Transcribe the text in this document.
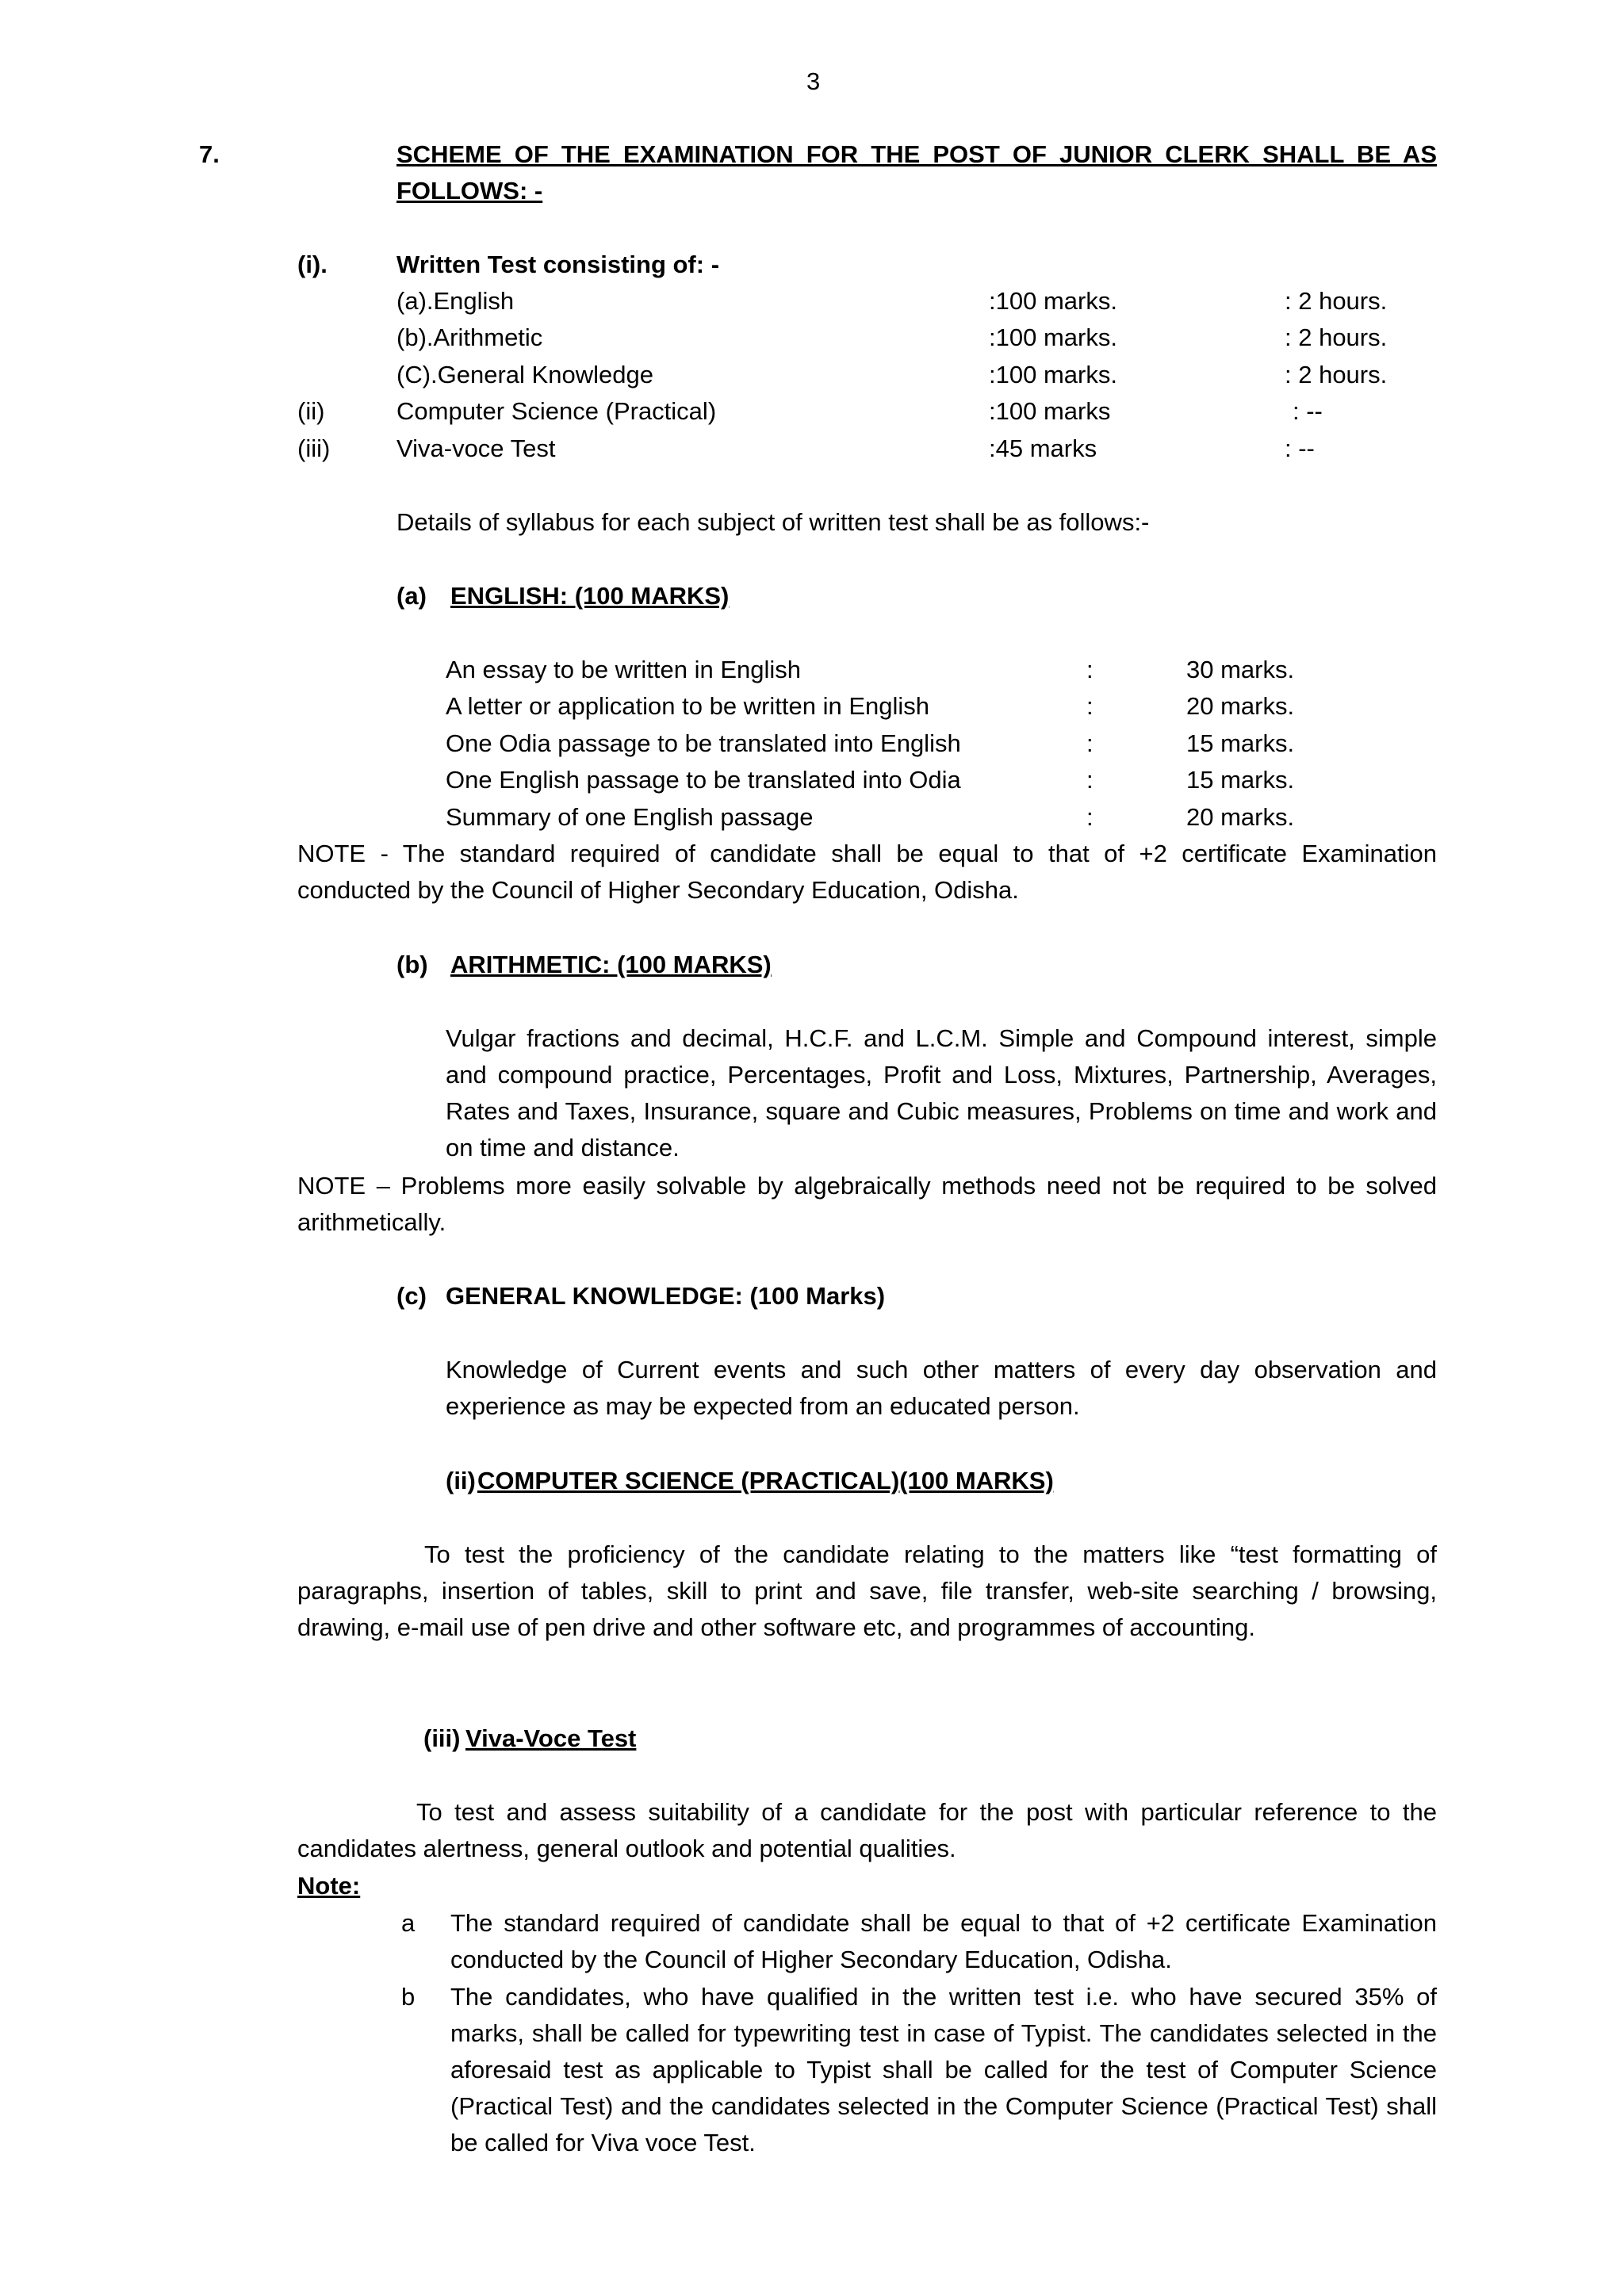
3
7.	SCHEME OF THE EXAMINATION FOR THE POST OF JUNIOR CLERK SHALL BE AS
FOLLOWS: -
(i).	Written Test consisting of: -
(a).English	:100 marks.	: 2 hours.
(b).Arithmetic	:100 marks.	: 2 hours.
(C).General Knowledge	:100 marks.	: 2 hours.
(ii)	Computer Science (Practical)	:100 marks	: --
(iii)	Viva-voce Test	:45 marks	: --
Details of syllabus for each subject of written test shall be as follows:-
(a) ENGLISH: (100 MARKS)
An essay to be written in English	:	30 marks.
A letter or application to be written in English	:	20 marks.
One Odia passage to be translated into English	:	15 marks.
One English passage to be translated into Odia	:	15 marks.
Summary of one English passage	:	20 marks.
NOTE - The standard required of candidate shall be equal to that of +2 certificate Examination conducted by the Council of Higher Secondary Education, Odisha.
(b) ARITHMETIC: (100 MARKS)
Vulgar fractions and decimal, H.C.F. and L.C.M. Simple and Compound interest, simple and compound practice, Percentages, Profit and Loss, Mixtures, Partnership, Averages, Rates and Taxes, Insurance, square and Cubic measures, Problems on time and work and on time and distance.
NOTE – Problems more easily solvable by algebraically methods need not be required to be solved arithmetically.
(c) GENERAL KNOWLEDGE: (100 Marks)
Knowledge of Current events and such other matters of every day observation and experience as may be expected from an educated person.
(ii) COMPUTER SCIENCE (PRACTICAL)(100 MARKS)
To test the proficiency of the candidate relating to the matters like “test formatting of paragraphs, insertion of tables, skill to print and save, file transfer, web-site searching / browsing, drawing, e-mail use of pen drive and other software etc, and programmes of accounting.
(iii) Viva-Voce Test
To test and assess suitability of a candidate for the post with particular reference to the candidates alertness, general outlook and potential qualities.
Note:
a The standard required of candidate shall be equal to that of +2 certificate Examination conducted by the Council of Higher Secondary Education, Odisha.
b The candidates, who have qualified in the written test i.e. who have secured 35% of marks, shall be called for typewriting test in case of Typist. The candidates selected in the aforesaid test as applicable to Typist shall be called for the test of Computer Science (Practical Test) and the candidates selected in the Computer Science (Practical Test) shall be called for Viva voce Test.
